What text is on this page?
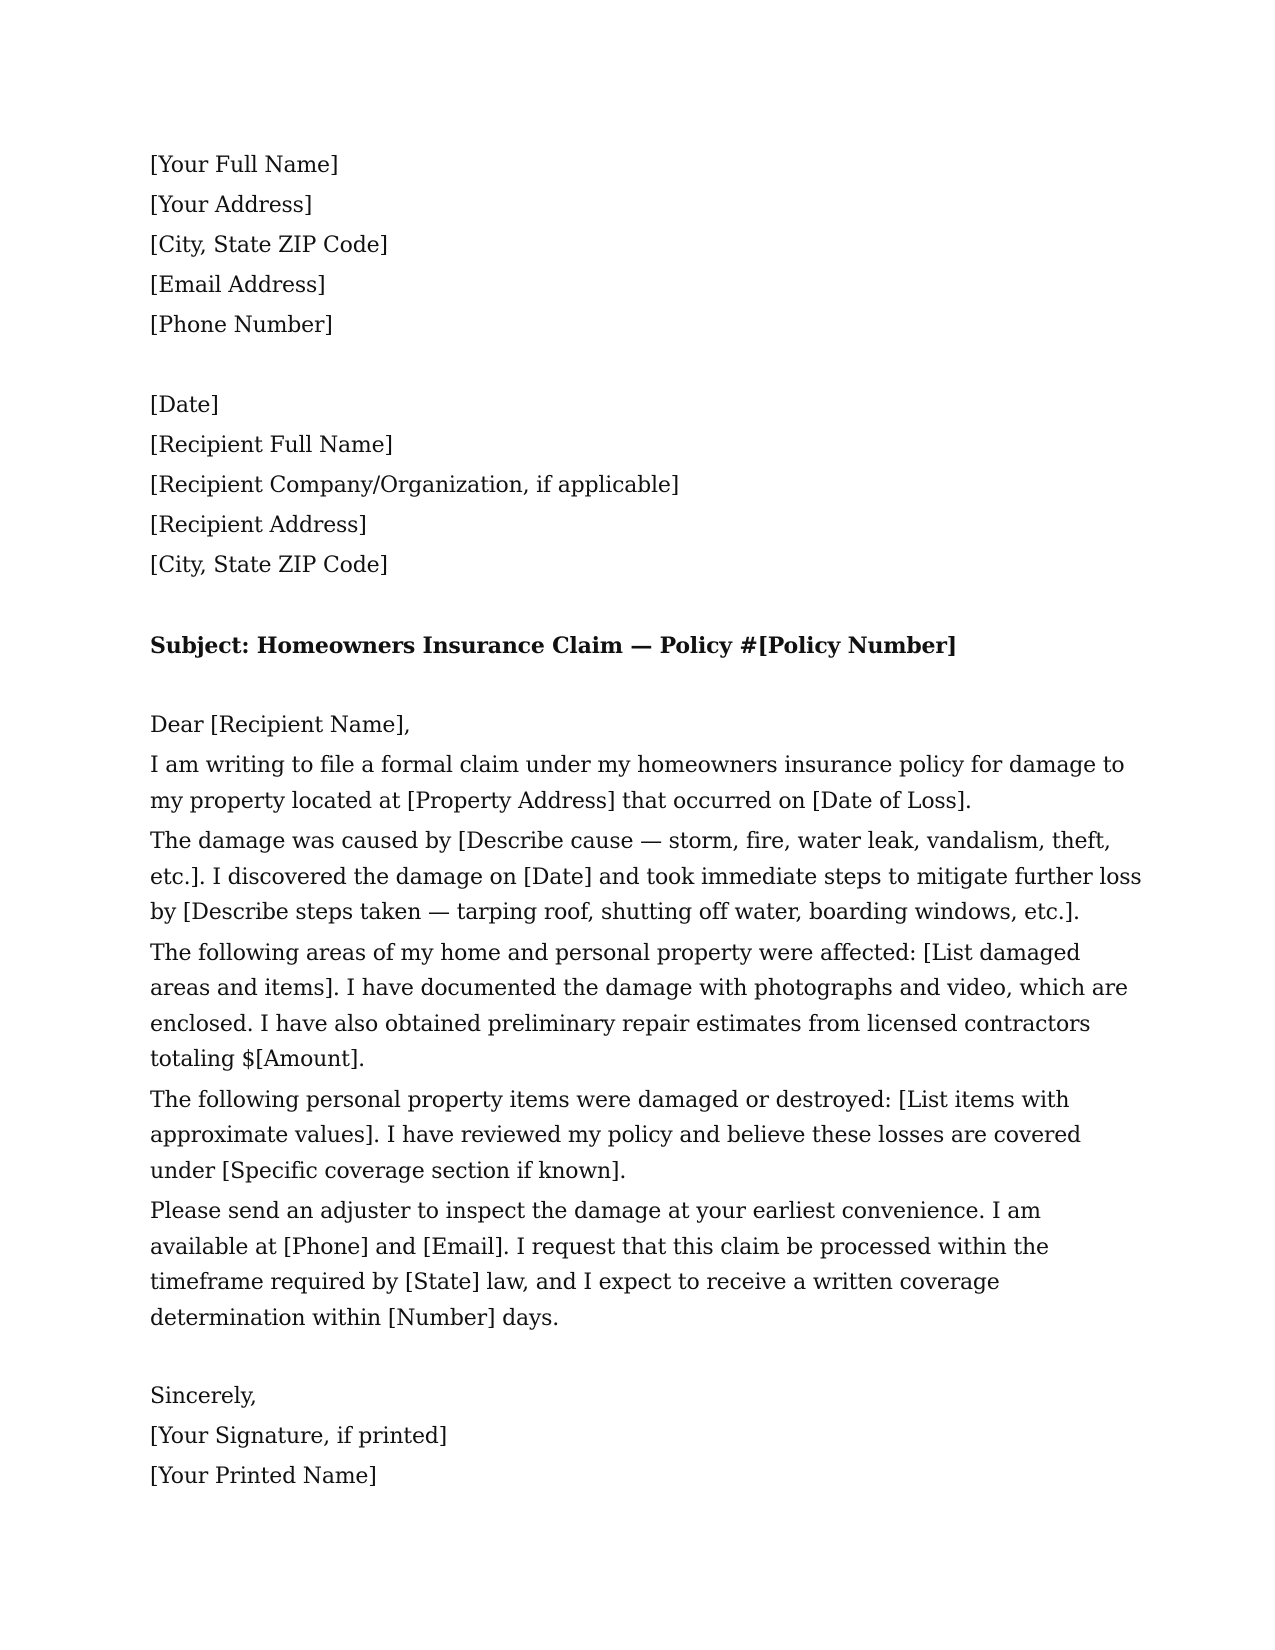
[Your Full Name]
[Your Address]
[City, State ZIP Code]
[Email Address]
[Phone Number]
[Date]
[Recipient Full Name]
[Recipient Company/Organization, if applicable]
[Recipient Address]
[City, State ZIP Code]
Subject: Homeowners Insurance Claim — Policy #[Policy Number]
Dear [Recipient Name],

I am writing to file a formal claim under my homeowners insurance policy for damage to
my property located at [Property Address] that occurred on [Date of Loss].

The damage was caused by [Describe cause — storm, fire, water leak, vandalism, theft,
etc.]. I discovered the damage on [Date] and took immediate steps to mitigate further loss
by [Describe steps taken — tarping roof, shutting off water, boarding windows, etc.].

The following areas of my home and personal property were affected: [List damaged
areas and items]. I have documented the damage with photographs and video, which are
enclosed. I have also obtained preliminary repair estimates from licensed contractors
totaling $[Amount].

The following personal property items were damaged or destroyed: [List items with
approximate values]. I have reviewed my policy and believe these losses are covered
under [Specific coverage section if known].

Please send an adjuster to inspect the damage at your earliest convenience. I am
available at [Phone] and [Email]. I request that this claim be processed within the
timeframe required by [State] law, and I expect to receive a written coverage
determination within [Number] days.

Sincerely,
[Your Signature, if printed]
[Your Printed Name]
